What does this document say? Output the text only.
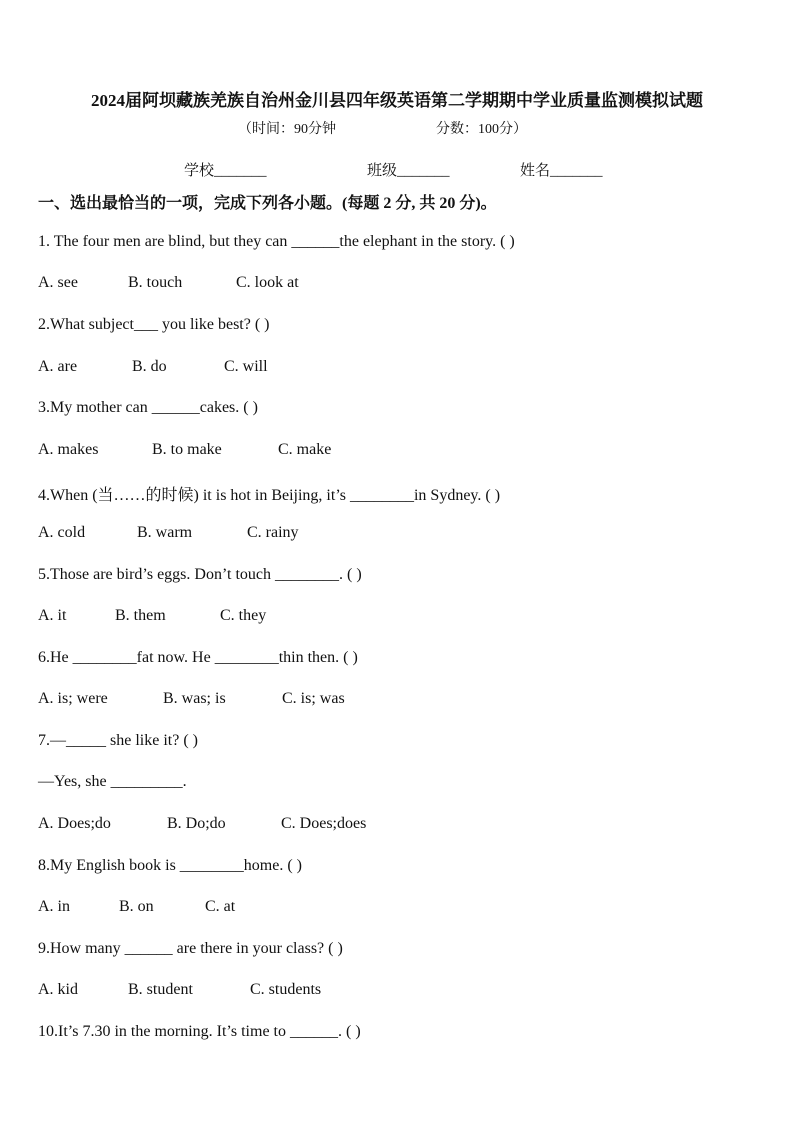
2024届阿坝藏族羌族自治州金川县四年级英语第二学期期中学业质量监测模拟试题
（时间：90分钟	分数：100分）
学校_______	班级_______	姓名_______
一、选出最恰当的一项，完成下列各小题。(每题 2 分, 共 20 分)。
1. The four men are blind, but they can ______the elephant in the story. ( )
A. see	B. touch	C. look at
2.What subject___ you like best? ( )
A. are	B. do	C. will
3.My mother can ______cakes. ( )
A. makes	B. to make	C. make
4.When (当……的时候) it is hot in Beijing, it’s ________in Sydney. ( )
A. cold	B. warm	C. rainy
5.Those are bird’s eggs. Don’t touch ________. ( )
A. it	B. them	C. they
6.He ________fat now. He ________thin then. ( )
A. is; were	B. was; is	C. is; was
7.—_____ she like it? ( )
—Yes, she _________.
A. Does;do	B. Do;do	C. Does;does
8.My English book is ________home. ( )
A. in	B. on	C. at
9.How many ______ are there in your class? ( )
A. kid	B. student	C. students
10.It’s 7.30 in the morning. It’s time to ______. ( )
